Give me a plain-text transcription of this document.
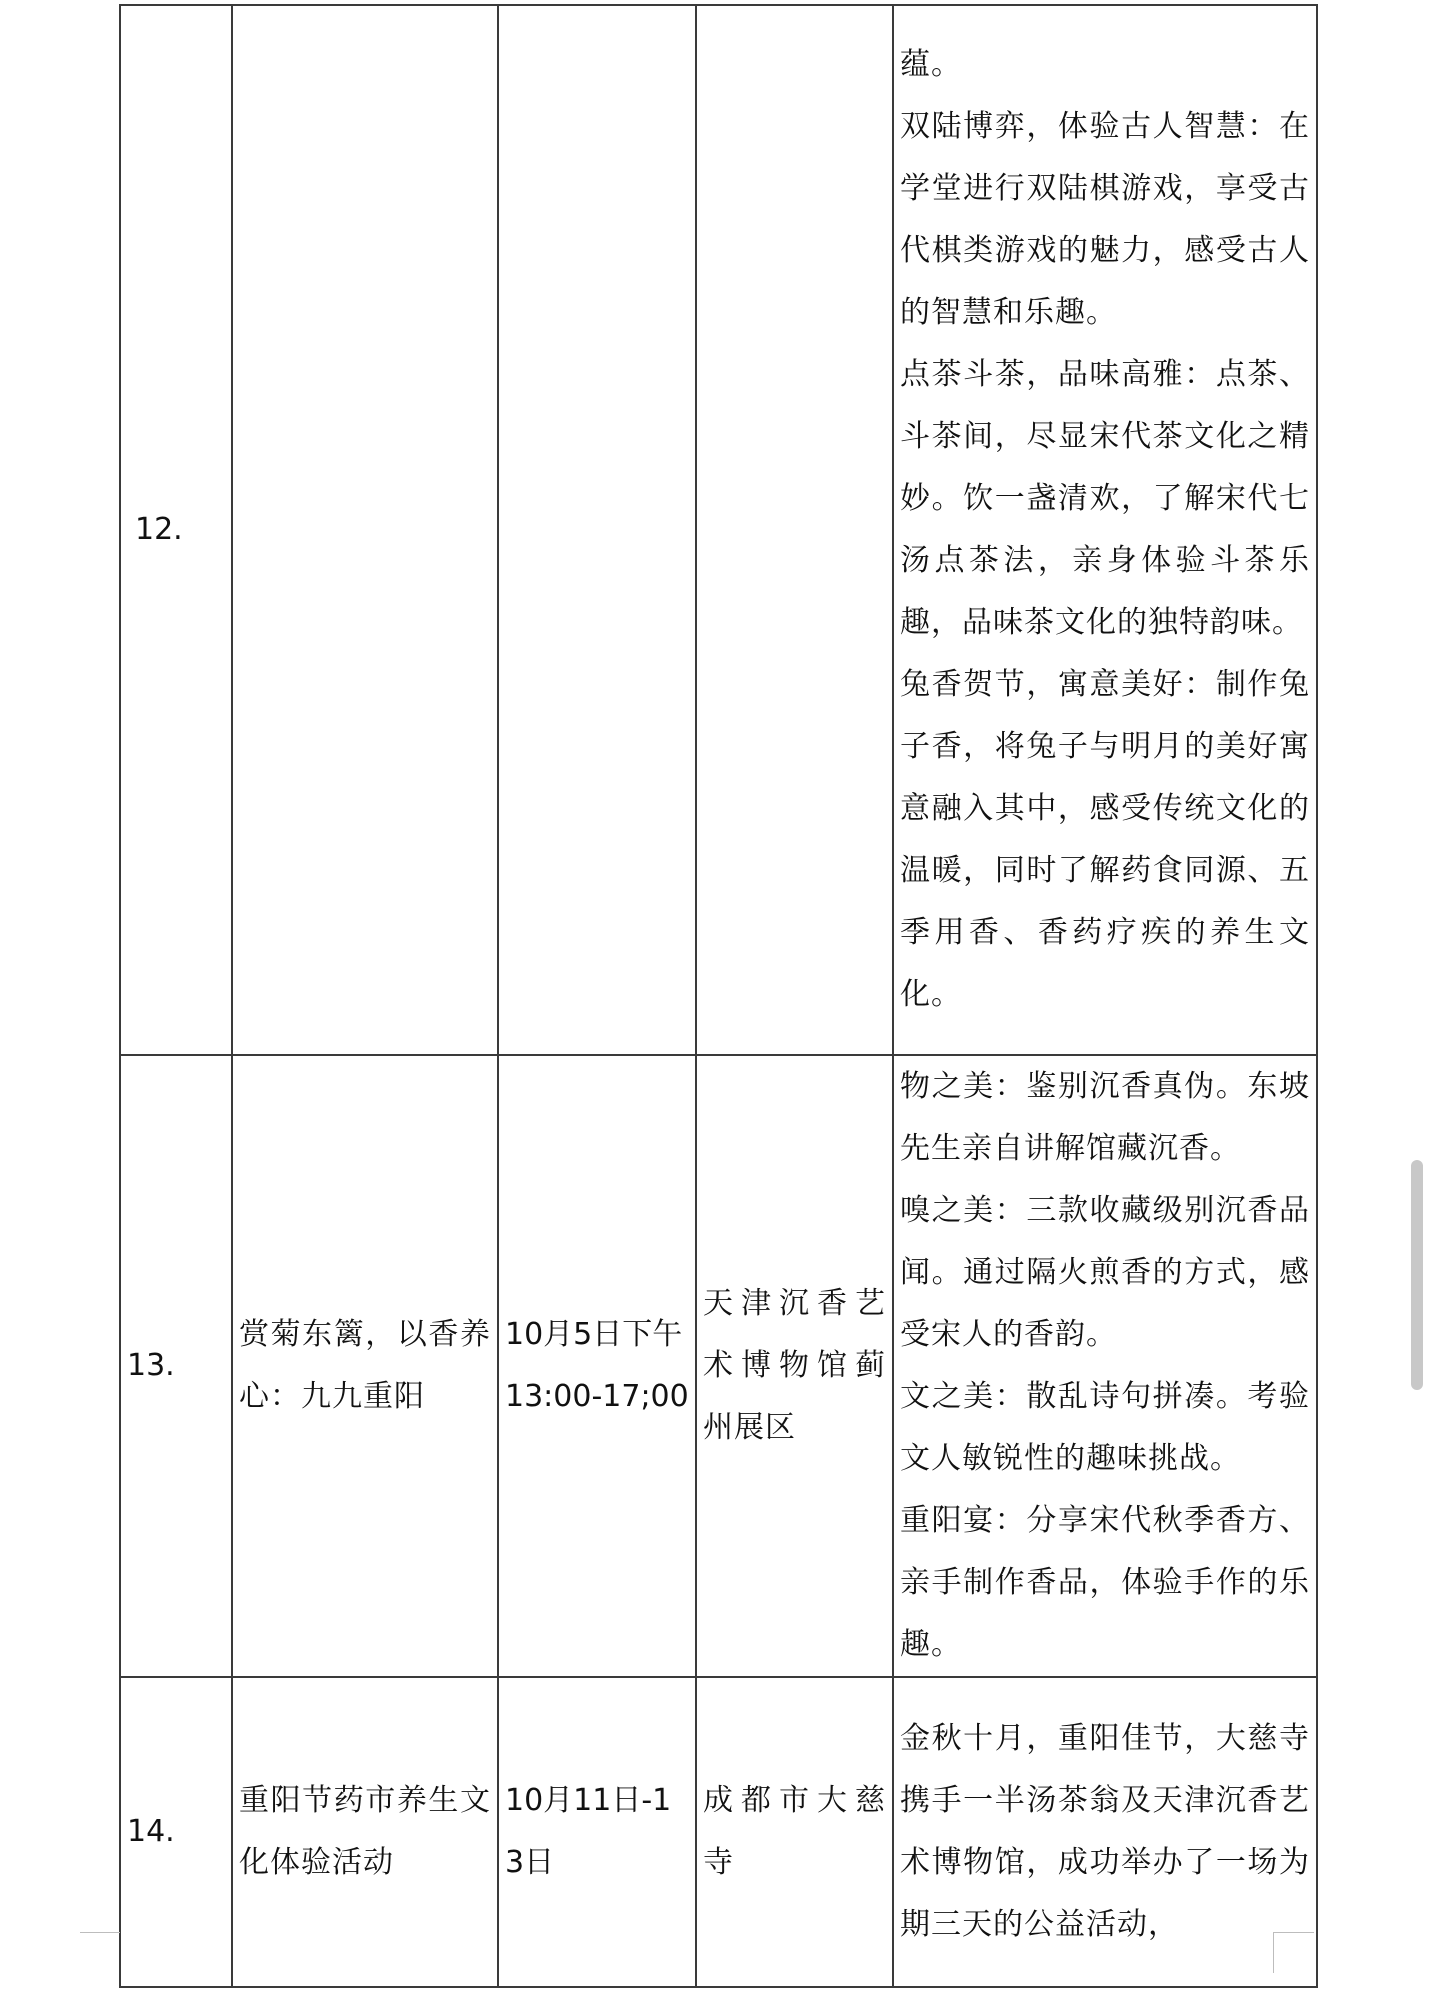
12.				蕴。

双陆博弈，体验古人智慧：在学堂进行双陆棋游戏，享受古代棋类游戏的魅力，感受古人的智慧和乐趣。

点茶斗茶，品味高雅：点茶、斗茶间，尽显宋代茶文化之精妙。饮一盏清欢，了解宋代七汤点茶法，亲身体验斗茶乐趣，品味茶文化的独特韵味。

兔香贺节，寓意美好：制作兔子香，将兔子与明月的美好寓意融入其中，感受传统文化的温暖，同时了解药食同源、五季用香、香药疗疾的养生文化。

13.	赏菊东篱，以香养心：九九重阳	10月5日下午13:00-17;00	天津沉香艺术博物馆蓟州展区	物之美：鉴别沉香真伪。东坡先生亲自讲解馆藏沉香。

嗅之美：三款收藏级别沉香品闻。通过隔火煎香的方式，感受宋人的香韵。

文之美：散乱诗句拼凑。考验文人敏锐性的趣味挑战。

重阳宴：分享宋代秋季香方、亲手制作香品，体验手作的乐趣。

14.	重阳节药市养生文化体验活动	10月11日-13日	成都市大慈寺	金秋十月，重阳佳节，大慈寺携手一半汤茶翁及天津沉香艺术博物馆，成功举办了一场为期三天的公益活动，
